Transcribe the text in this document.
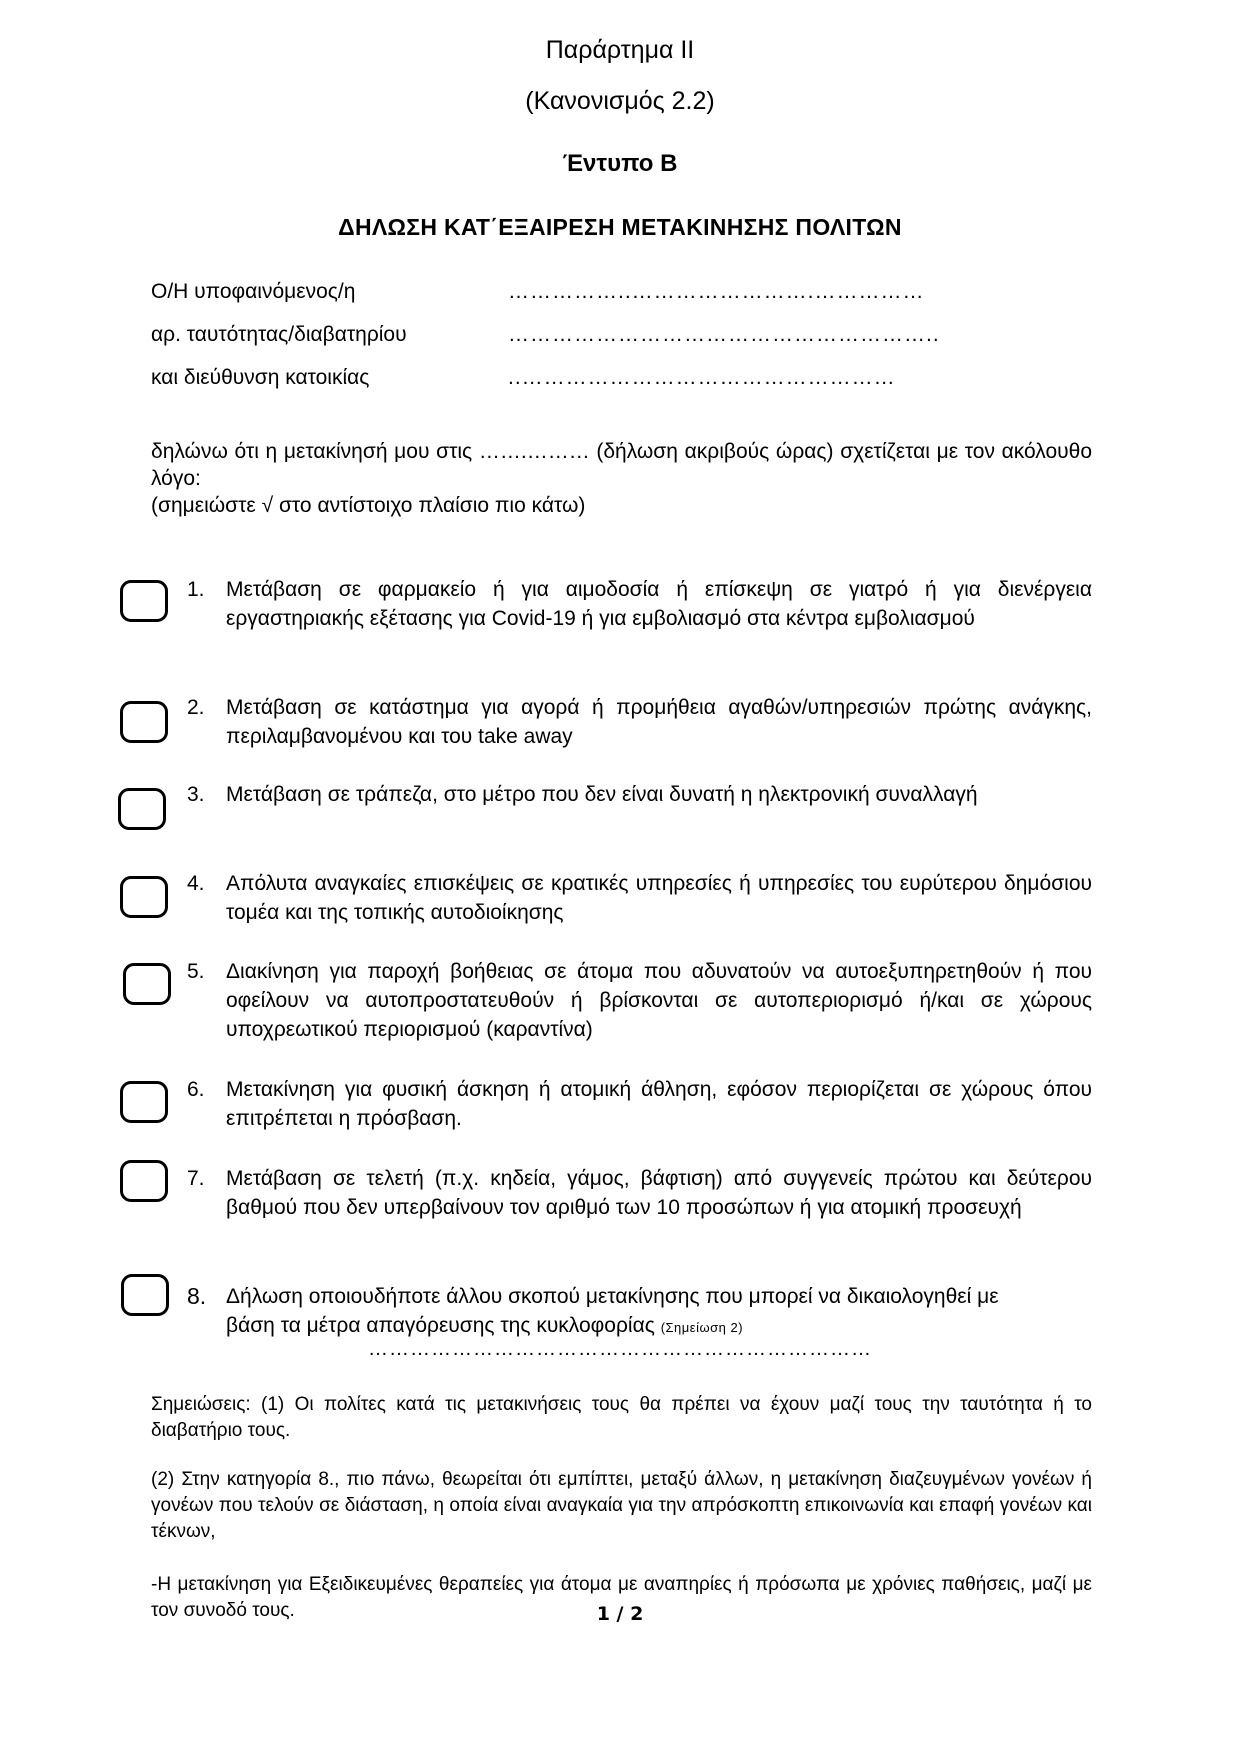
Παράρτημα ΙΙ
(Κανονισμός 2.2)
Έντυπο Β
ΔΗΛΩΣΗ ΚΑΤ΄ΕΞΑΙΡΕΣΗ ΜΕΤΑΚΙΝΗΣΗΣ ΠΟΛΙΤΩΝ
Ο/Η υποφαινόμενος/η	……………..…………………….……………
αρ. ταυτότητας/διαβατηρίου	…………………………………………………..
και διεύθυνση κατοικίας	..……………………………………………
δηλώνω ότι η μετακίνησή μου στις …….……… (δήλωση ακριβούς ώρας) σχετίζεται με τον ακόλουθο λόγο:
(σημειώστε √ στο αντίστοιχο πλαίσιο πιο κάτω)
1. Μετάβαση σε φαρμακείο ή για αιμοδοσία ή επίσκεψη σε γιατρό ή για διενέργεια εργαστηριακής εξέτασης για Covid-19 ή για εμβολιασμό στα κέντρα εμβολιασμού
2. Μετάβαση σε κατάστημα για αγορά ή προμήθεια αγαθών/υπηρεσιών πρώτης ανάγκης, περιλαμβανομένου και του take away
3. Μετάβαση σε τράπεζα, στο μέτρο που δεν είναι δυνατή η ηλεκτρονική συναλλαγή
4. Απόλυτα αναγκαίες επισκέψεις σε κρατικές υπηρεσίες ή υπηρεσίες του ευρύτερου δημόσιου τομέα και της τοπικής αυτοδιοίκησης
5. Διακίνηση για παροχή βοήθειας σε άτομα που αδυνατούν να αυτοεξυπηρετηθούν ή που οφείλουν να αυτοπροστατευθούν ή βρίσκονται σε αυτοπεριορισμό ή/και σε χώρους υποχρεωτικού περιορισμού (καραντίνα)
6. Μετακίνηση για φυσική άσκηση ή ατομική άθληση, εφόσον περιορίζεται σε χώρους όπου επιτρέπεται η πρόσβαση.
7. Μετάβαση σε τελετή (π.χ. κηδεία, γάμος, βάφτιση) από συγγενείς πρώτου και δεύτερου βαθμού που δεν υπερβαίνουν τον αριθμό των 10 προσώπων ή για ατομική προσευχή
8. Δήλωση οποιουδήποτε άλλου σκοπού μετακίνησης που μπορεί να δικαιολογηθεί με βάση τα μέτρα απαγόρευσης της κυκλοφορίας (Σημείωση 2)
………………………………………………………………
Σημειώσεις: (1) Οι πολίτες κατά τις μετακινήσεις τους θα πρέπει να έχουν μαζί τους την ταυτότητα ή το διαβατήριο τους.
(2) Στην κατηγορία 8., πιο πάνω, θεωρείται ότι εμπίπτει, μεταξύ άλλων, η μετακίνηση διαζευγμένων γονέων ή γονέων που τελούν σε διάσταση, η οποία είναι αναγκαία για την απρόσκοπτη επικοινωνία και επαφή γονέων και τέκνων,
-Η μετακίνηση για Εξειδικευμένες θεραπείες για άτομα με αναπηρίες ή πρόσωπα με χρόνιες παθήσεις, μαζί με τον συνοδό τους.	1 / 2
